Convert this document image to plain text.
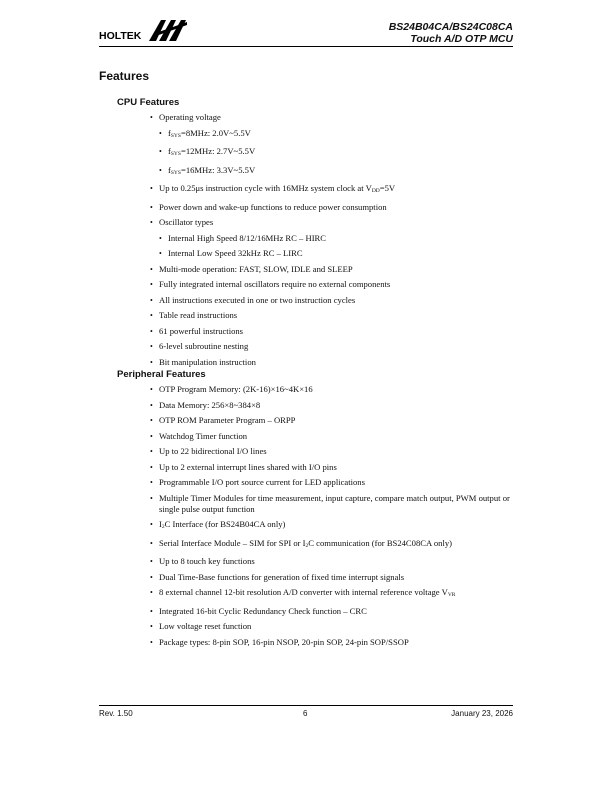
HOLTEK
BS24B04CA/BS24C08CA
Touch A/D OTP MCU
Features
CPU Features
• Operating voltage
• fSYS=8MHz: 2.0V~5.5V
• fSYS=12MHz: 2.7V~5.5V
• fSYS=16MHz: 3.3V~5.5V
• Up to 0.25μs instruction cycle with 16MHz system clock at VDD=5V
• Power down and wake-up functions to reduce power consumption
• Oscillator types
• Internal High Speed 8/12/16MHz RC – HIRC
• Internal Low Speed 32kHz RC – LIRC
• Multi-mode operation: FAST, SLOW, IDLE and SLEEP
• Fully integrated internal oscillators require no external components
• All instructions executed in one or two instruction cycles
• Table read instructions
• 61 powerful instructions
• 6-level subroutine nesting
• Bit manipulation instruction
Peripheral Features
• OTP Program Memory: (2K-16)×16~4K×16
• Data Memory: 256×8~384×8
• OTP ROM Parameter Program – ORPP
• Watchdog Timer function
• Up to 22 bidirectional I/O lines
• Up to 2 external interrupt lines shared with I/O pins
• Programmable I/O port source current for LED applications
• Multiple Timer Modules for time measurement, input capture, compare match output, PWM output or single pulse output function
• $I^2C$ Interface (for BS24B04CA only)
• Serial Interface Module – SIM for SPI or $I^2C$ communication (for BS24C08CA only)
• Up to 8 touch key functions
• Dual Time-Base functions for generation of fixed time interrupt signals
• 8 external channel 12-bit resolution A/D converter with internal reference voltage VVR
• Integrated 16-bit Cyclic Redundancy Check function – CRC
• Low voltage reset function
• Package types: 8-pin SOP, 16-pin NSOP, 20-pin SOP, 24-pin SOP/SSOP
Rev. 1.50	6	January 23, 2026
